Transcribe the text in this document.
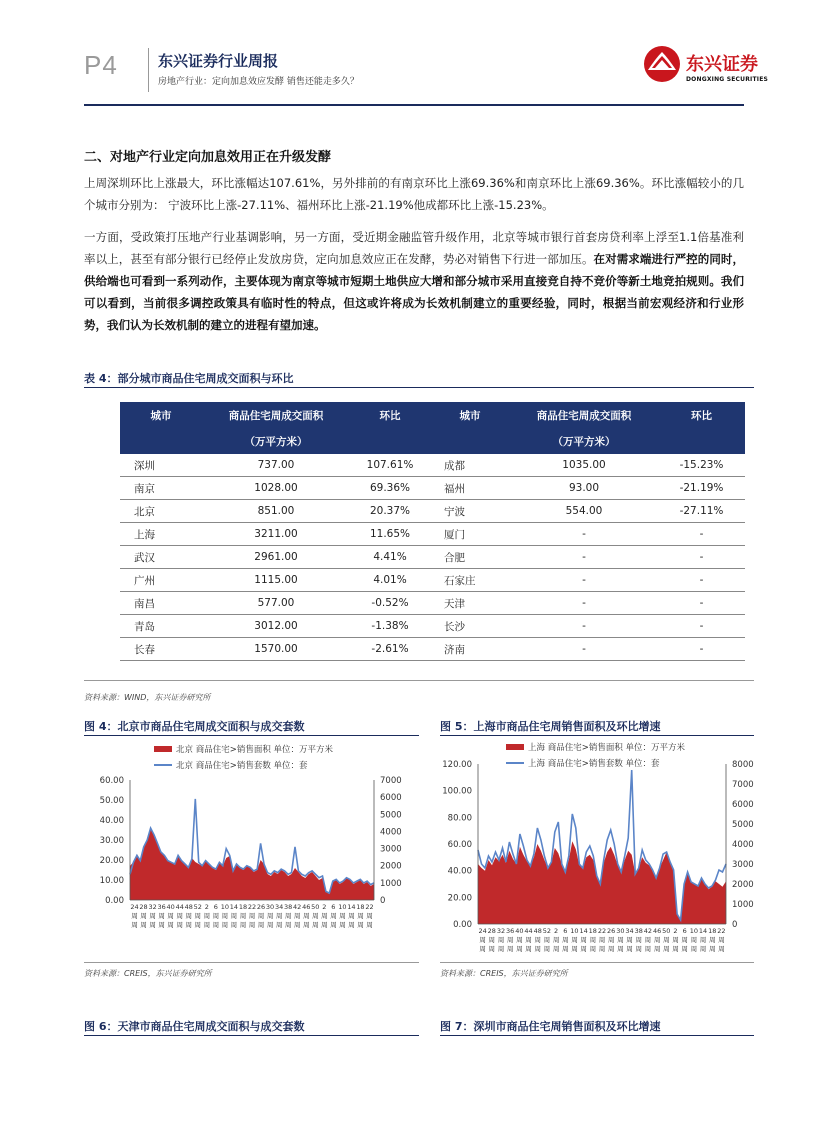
P4	东兴证券行业周报
房地产行业：定向加息效应发酵 销售还能走多久？
东兴证券
DONGXING SECURITIES
二、对地产行业定向加息效用正在升级发酵
上周深圳环比上涨最大，环比涨幅达107.61%，另外排前的有南京环比上涨69.36%和南京环比上涨69.36%。环比涨幅较小的几个城市分别为： 宁波环比上涨-27.11%、福州环比上涨-21.19%他成都环比上涨-15.23%。
一方面，受政策打压地产行业基调影响，另一方面，受近期金融监管升级作用，北京等城市银行首套房贷利率上浮至1.1倍基准利率以上，甚至有部分银行已经停止发放房贷，定向加息效应正在发酵，势必对销售下行进一部加压。在对需求端进行严控的同时，供给端也可看到一系列动作，主要体现为南京等城市短期土地供应大增和部分城市采用直接竞自持不竞价等新土地竞拍规则。我们可以看到，当前很多调控政策具有临时性的特点，但这或许将成为长效机制建立的重要经验，同时，根据当前宏观经济和行业形势，我们认为长效机制的建立的进程有望加速。
表 4：部分城市商品住宅周成交面积与环比
城市	商品住宅周成交面积	环比	城市	商品住宅周成交面积	环比
	（万平方米）			（万平方米）	
深圳	737.00	107.61%	成都	1035.00	-15.23%
南京	1028.00	69.36%	福州	93.00	-21.19%
北京	851.00	20.37%	宁波	554.00	-27.11%
上海	3211.00	11.65%	厦门	-	-
武汉	2961.00	4.41%	合肥	-	-
广州	1115.00	4.01%	石家庄	-	-
南昌	577.00	-0.52%	天津	-	-
青岛	3012.00	-1.38%	长沙	-	-
长春	1570.00	-2.61%	济南	-	-
资料来源：WIND，东兴证券研究所
图 4：北京市商品住宅周成交面积与成交套数	图 5：上海市商品住宅周销售面积及环比增速
北京 商品住宅>销售面积 单位：万平方米
北京 商品住宅>销售套数 单位：套
60.00
50.00
40.00
30.00
20.00
10.00
0.00
7000
6000
5000
4000
3000
2000
1000
0
24
周
周
28
周
周
32
周
周
36
周
周
40
周
周
44
周
周
48
周
周
52
周
周
2
周
周
6
周
周
10
周
周
14
周
周
18
周
周
22
周
周
26
周
周
30
周
周
34
周
周
38
周
周
42
周
周
46
周
周
50
周
周
2
周
周
6
周
周
10
周
周
14
周
周
18
周
周
22
周
周
上海 商品住宅>销售面积 单位：万平方米
上海 商品住宅>销售套数 单位：套
120.00
100.00
80.00
60.00
40.00
20.00
0.00
8000
7000
6000
5000
4000
3000
2000
1000
0
24
周
周
28
周
周
32
周
周
36
周
周
40
周
周
44
周
周
48
周
周
52
周
周
2
周
周
6
周
周
10
周
周
14
周
周
18
周
周
22
周
周
26
周
周
30
周
周
34
周
周
38
周
周
42
周
周
46
周
周
50
周
周
2
周
周
6
周
周
10
周
周
14
周
周
18
周
周
22
周
周
资料来源：CREIS，东兴证券研究所	资料来源：CREIS，东兴证券研究所
图 6：天津市商品住宅周成交面积与成交套数	图 7：深圳市商品住宅周销售面积及环比增速
